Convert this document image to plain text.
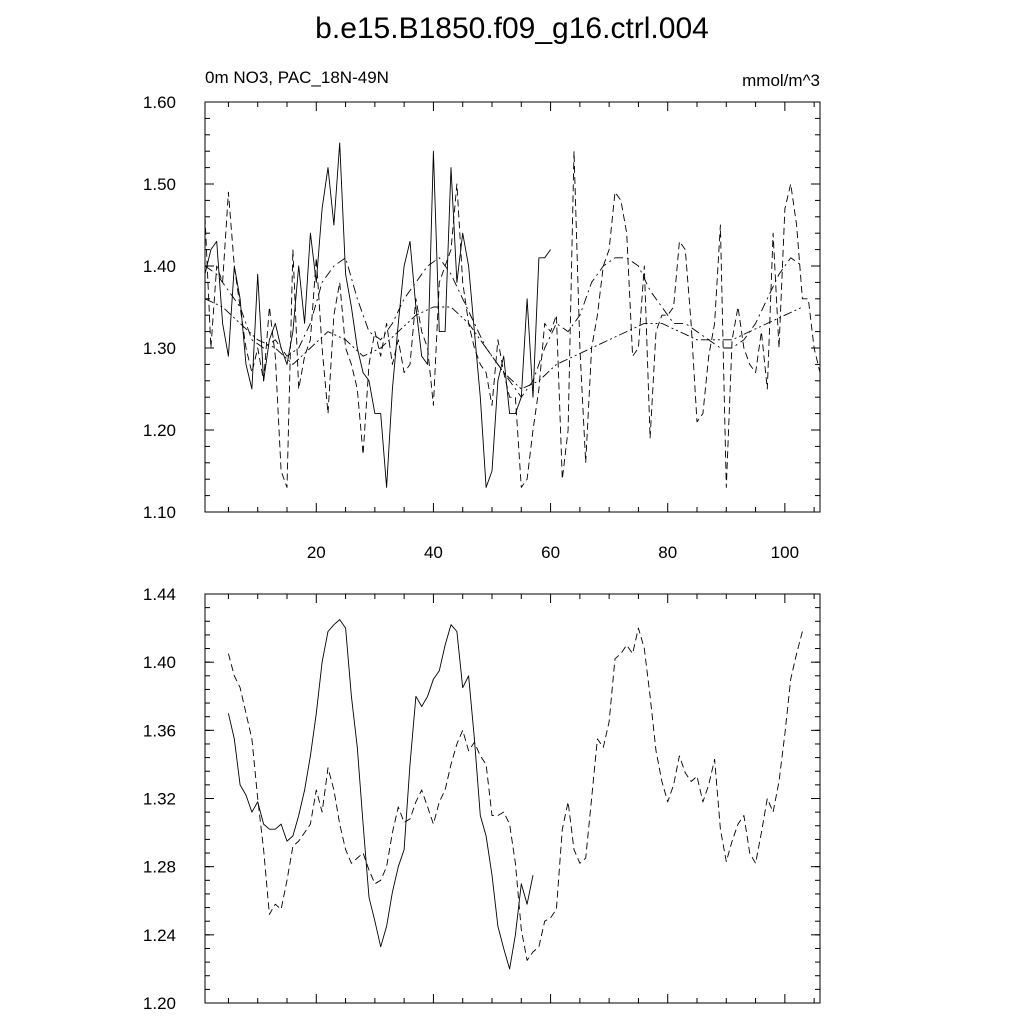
b.e15.B1850.f09_g16.ctrl.004
0m NO3, PAC_18N-49N	mmol/m^3
1.10
1.20
1.30
1.40
1.50
1.60
20	40	60	80	100
1.20
1.24
1.28
1.32
1.36
1.40
1.44
